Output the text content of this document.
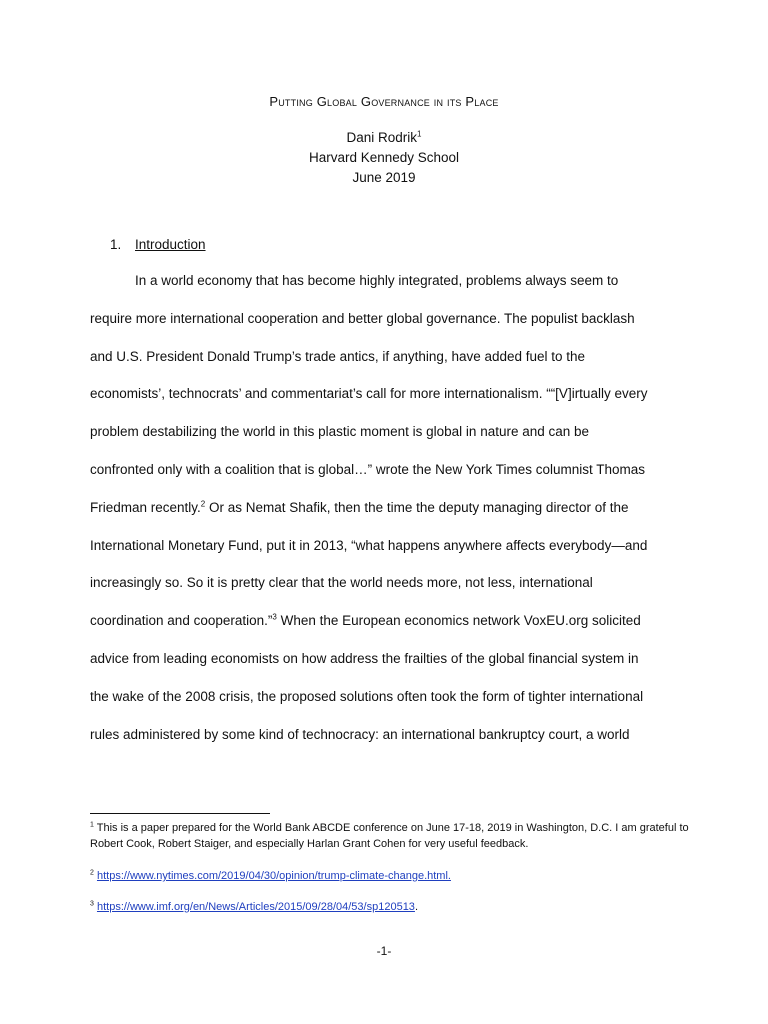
Putting Global Governance in its Place
Dani Rodrik$^1$
Harvard Kennedy School
June 2019
1. Introduction
In a world economy that has become highly integrated, problems always seem to
require more international cooperation and better global governance. The populist backlash
and U.S. President Donald Trump’s trade antics, if anything, have added fuel to the
economists’, technocrats’ and commentariat’s call for more internationalism. ““[V]irtually every
problem destabilizing the world in this plastic moment is global in nature and can be
confronted only with a coalition that is global…” wrote the New York Times columnist Thomas
Friedman recently.$^2$ Or as Nemat Shafik, then the time the deputy managing director of the
International Monetary Fund, put it in 2013, “what happens anywhere affects everybody—and
increasingly so. So it is pretty clear that the world needs more, not less, international
coordination and cooperation.”$^3$ When the European economics network VoxEU.org solicited
advice from leading economists on how address the frailties of the global financial system in
the wake of the 2008 crisis, the proposed solutions often took the form of tighter international
rules administered by some kind of technocracy: an international bankruptcy court, a world
$^1$ This is a paper prepared for the World Bank ABCDE conference on June 17-18, 2019 in Washington, D.C. I am grateful to Robert Cook, Robert Staiger, and especially Harlan Grant Cohen for very useful feedback.
$^2$ https://www.nytimes.com/2019/04/30/opinion/trump-climate-change.html.
$^3$ https://www.imf.org/en/News/Articles/2015/09/28/04/53/sp120513.
-1-
